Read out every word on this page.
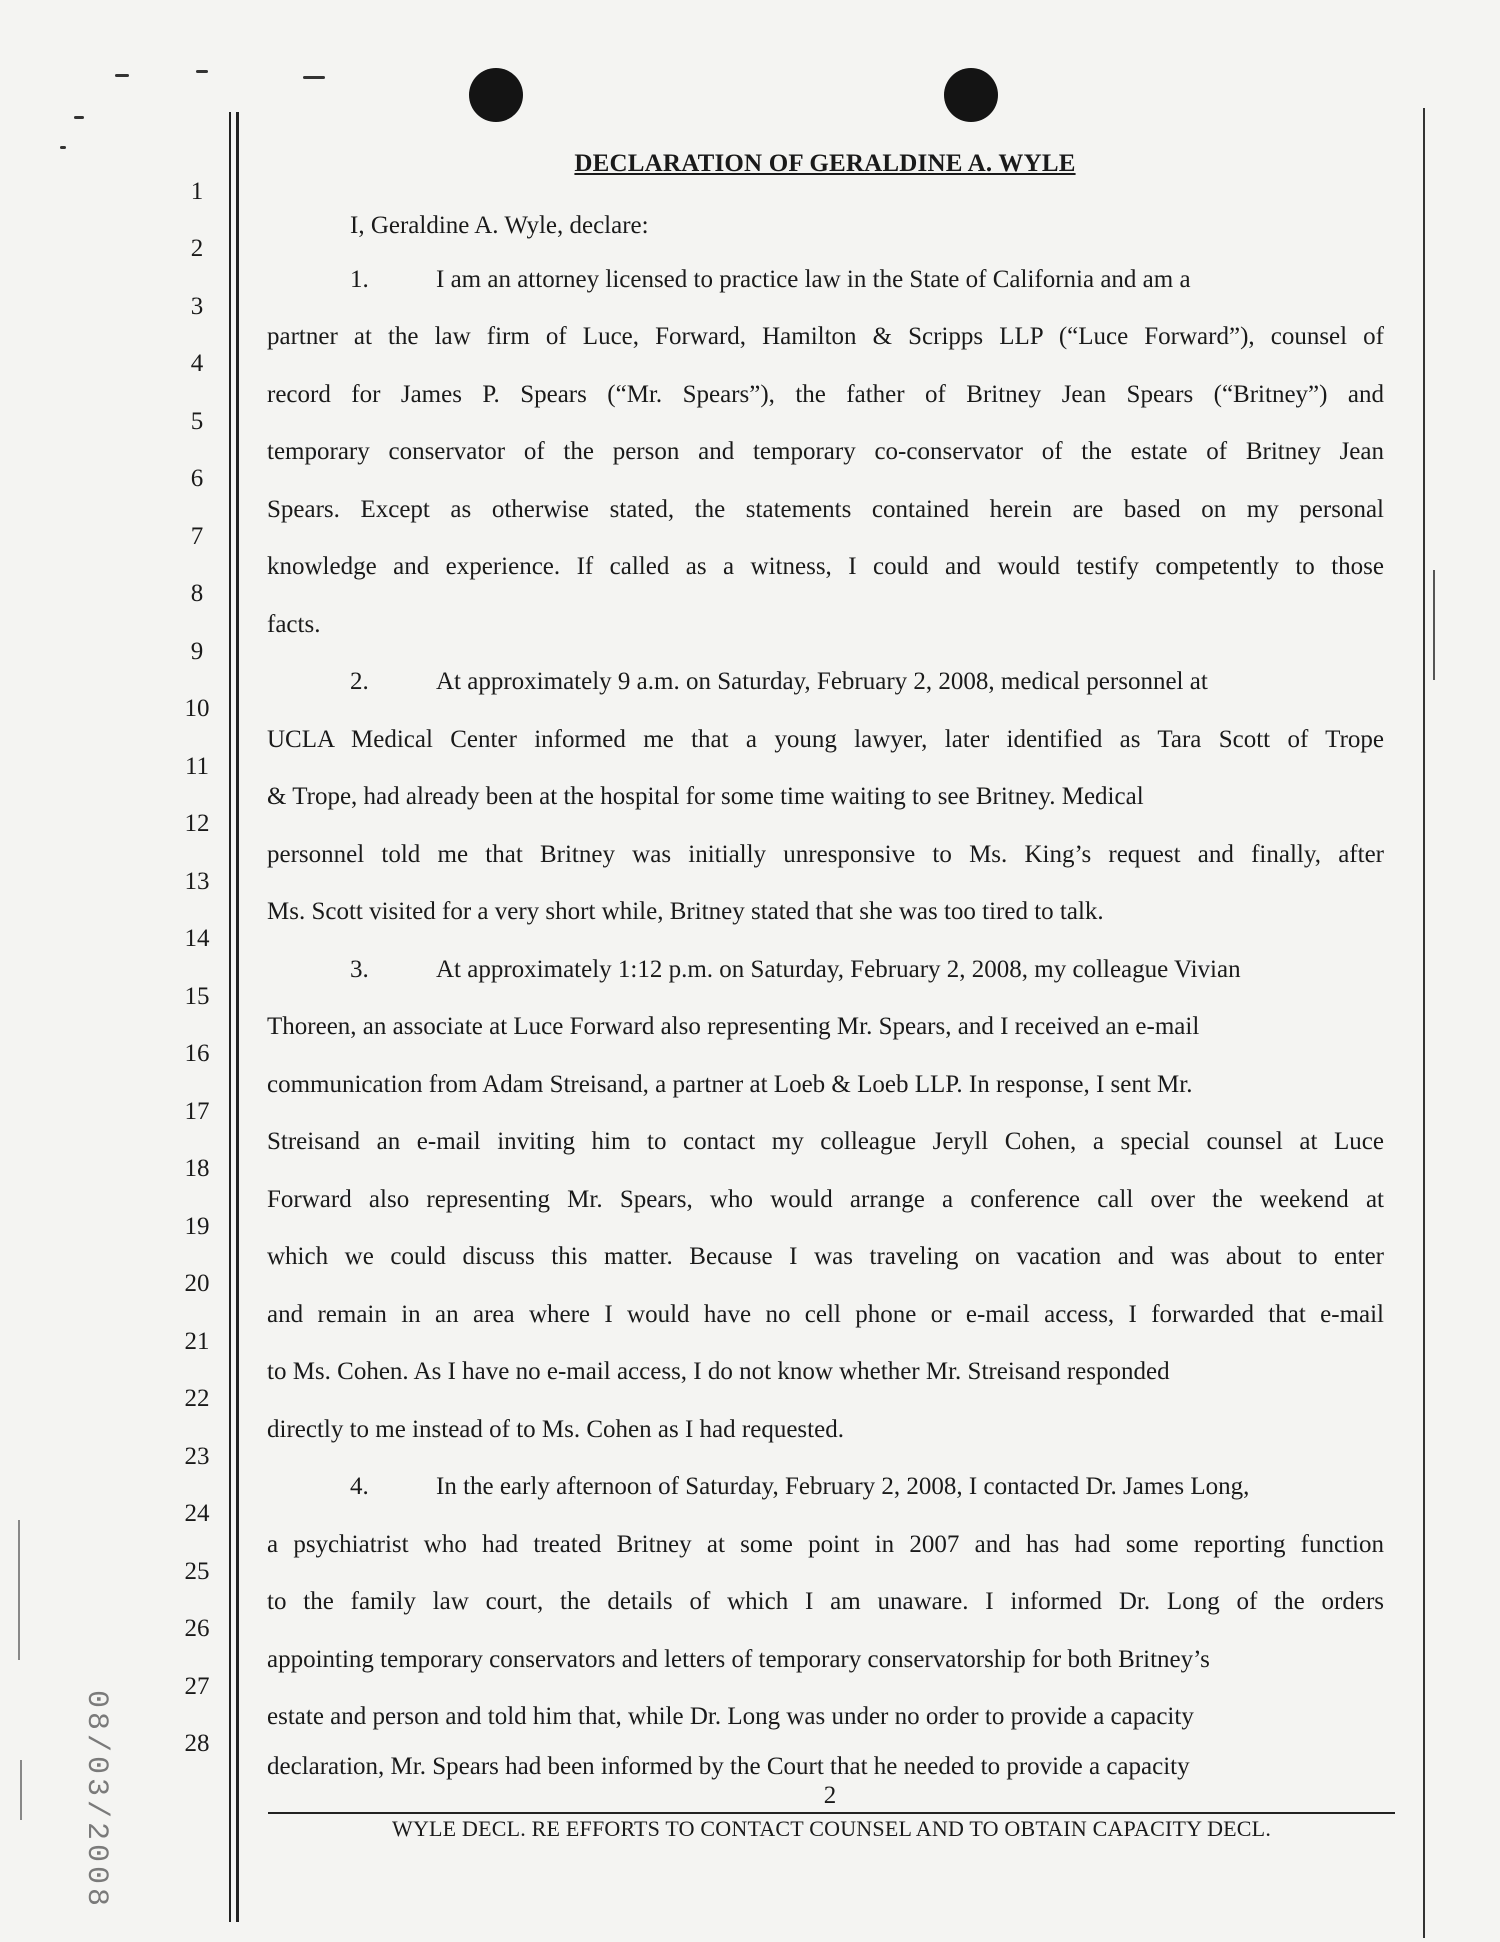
1
2
3
4
5
6
7
8
9
10
11
12
13
14
15
16
17
18
19
20
21
22
23
24
25
26
27
28
DECLARATION OF GERALDINE A. WYLE
I, Geraldine A. Wyle, declare:
1.	I am an attorney licensed to practice law in the State of California and am a
partner at the law firm of Luce, Forward, Hamilton & Scripps LLP (“Luce Forward”), counsel of
record for James P. Spears (“Mr. Spears”), the father of Britney Jean Spears (“Britney”) and
temporary conservator of the person and temporary co-conservator of the estate of Britney Jean
Spears. Except as otherwise stated, the statements contained herein are based on my personal
knowledge and experience. If called as a witness, I could and would testify competently to those
facts.
2.	At approximately 9 a.m. on Saturday, February 2, 2008, medical personnel at
UCLA Medical Center informed me that a young lawyer, later identified as Tara Scott of Trope
& Trope, had already been at the hospital for some time waiting to see Britney. Medical
personnel told me that Britney was initially unresponsive to Ms. King’s request and finally, after
Ms. Scott visited for a very short while, Britney stated that she was too tired to talk.
3.	At approximately 1:12 p.m. on Saturday, February 2, 2008, my colleague Vivian
Thoreen, an associate at Luce Forward also representing Mr. Spears, and I received an e-mail
communication from Adam Streisand, a partner at Loeb & Loeb LLP. In response, I sent Mr.
Streisand an e-mail inviting him to contact my colleague Jeryll Cohen, a special counsel at Luce
Forward also representing Mr. Spears, who would arrange a conference call over the weekend at
which we could discuss this matter. Because I was traveling on vacation and was about to enter
and remain in an area where I would have no cell phone or e-mail access, I forwarded that e-mail
to Ms. Cohen. As I have no e-mail access, I do not know whether Mr. Streisand responded
directly to me instead of to Ms. Cohen as I had requested.
4.	In the early afternoon of Saturday, February 2, 2008, I contacted Dr. James Long,
a psychiatrist who had treated Britney at some point in 2007 and has had some reporting function
to the family law court, the details of which I am unaware. I informed Dr. Long of the orders
appointing temporary conservators and letters of temporary conservatorship for both Britney’s
estate and person and told him that, while Dr. Long was under no order to provide a capacity
declaration, Mr. Spears had been informed by the Court that he needed to provide a capacity
2
WYLE DECL. RE EFFORTS TO CONTACT COUNSEL AND TO OBTAIN CAPACITY DECL.
08/03/2008
